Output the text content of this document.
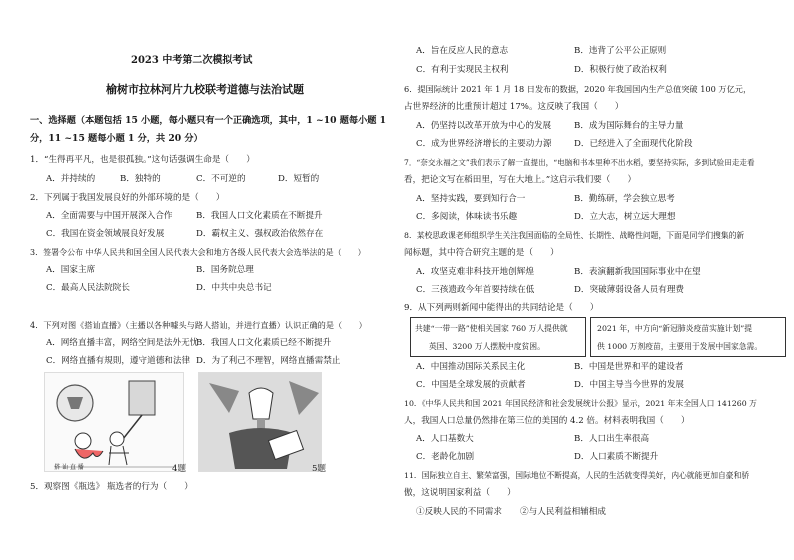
2023 中考第二次模拟考试
榆树市拉林河片九校联考道德与法治试题
一、选择题（本题包括 15 小题，每小题只有一个正确选项，其中，1 ~10 题每小题 1
分，11 ~15 题每小题 1 分，共 20 分）
1．“生得再平凡，也是很孤独。”这句话强调生命是（　　）
A．并持续的	B．独特的	C．不可逆的	D．短暂的
2．下列属于我国发展良好的外部环境的是（　　）
A．全面需要与中国开展深入合作	B．我国人口文化素质在不断提升
C．我国在资金领域展良好发展	D．霸权主义、强权政治依然存在
3．签署令公布 中华人民共和国全国人民代表大会和地方各级人民代表大会选举法的是（　　）
A．国家主席	B．国务院总理
C．最高人民法院院长	D．中共中央总书记
4．下列对图《搭讪直播》（主播以各种噱头与路人搭讪，并进行直播）认识正确的是（　　）
A．网络直播丰富，网络空间是法外无忧
B．我国人口文化素质已经不断提升
C．网络直播有規則，遵守道德和法律 D．为了利己不理智，网络直播需禁止
搭 讪 直 播	4题	5题
5．观察图《瓶选》 瓶选者的行为（　　）
A．旨在反应人民的意志	B．违背了公平公正原则
C．有利于实现民主权利	D．积极行使了政治权利
6．提国际统计 2021 年 1 月 18 日发布的数据，2020 年我国国内生产总值突破 100 万亿元，
占世界经济的比重预计超过 17%。这反映了我国（　　）
A．仍坚持以改革开放为中心的发展	B．成为国际舞台的主导力量
C．成为世界经济增长的主要动力源	D．已经进入了全面现代化阶段
7．“奈交永福之文”我们表示了解一直提出，“电脑和书本里种不出水稻，要坚持实际，多到试验田走走看
看，把论文写在稻田里，写在大地上。”这启示我们要（　　）
A．坚持实践，要到知行合一	B．勤练研，学会独立思考
C．多阅读，体味读书乐趣	D．立大志，树立远大理想
8．某校思政课老师组织学生关注我国面临的全局性、长期性、战略性问题，下面是同学们搜集的新
闻标题，其中符合研究主题的是（　　）
A．攻坚克难非科技开地创辉煌	B．表演翻新我国国际事业中在望
C．三孩遗政今年首要持续在低	D．突破薄弱设备人员有理费
9．从下列两则新闻中能得出的共同结论是（　　）
共建“一带一路”使相关国家 760 万人提供就
英国、3200 万人摆脱中度贫困。
2021 年，中方向“新冠肺炎疫苗实施计划”提
供 1000 万剂疫苗，主要用于发展中国家急需。
A．中国推动国际关系民主化	B．中国是世界和平的建设者
C．中国是全球发展的贡献者	D．中国主导当今世界的发展
10．《中华人民共和国 2021 年国民经济和社会发展统计公报》显示，2021 年末全国人口 141260 万
人，我国人口总量仍然排在第三位的美国的 4.2 倍。材料表明我国（　　）
A．人口基数大	B．人口出生率很高
C．老龄化加剧	D．人口素质不断提升
11．国际独立自主、繁荣富强，国际地位不断提高，人民的生活就变得美好，内心就能更加自豪和骄
傲，这说明国家利益（　　）
①反映人民的不同需求 ②与人民利益相辅相成
